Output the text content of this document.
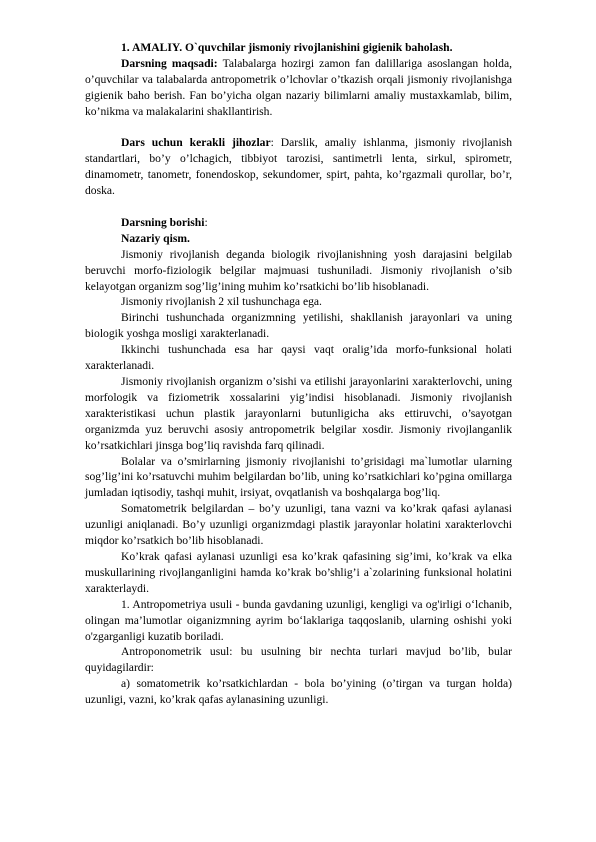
1. AMALIY. O`quvchilar jismoniy rivojlanishini gigienik baholash.

Darsning maqsadi: Talabalarga hozirgi zamon fan dalillariga asoslangan holda, o’quvchilar va talabalarda antropometrik o’lchovlar o’tkazish orqali jismoniy rivojlanishga gigienik baho berish. Fan bo’yicha olgan nazariy bilimlarni amaliy mustaxkamlab, bilim, ko’nikma va malakalarini shakllantirish.

Dars uchun kerakli jihozlar: Darslik, amaliy ishlanma, jismoniy rivojlanish standartlari, bo’y o’lchagich, tibbiyot tarozisi, santimetrli lenta, sirkul, spirometr, dinamometr, tanometr, fonendoskop, sekundomer, spirt, pahta, ko’rgazmali qurollar, bo’r, doska.

Darsning borishi:

Nazariy qism.

Jismoniy rivojlanish deganda biologik rivojlanishning yosh darajasini belgilab beruvchi morfo-fiziologik belgilar majmuasi tushuniladi. Jismoniy rivojlanish o’sib kelayotgan organizm sog’lig’ining muhim ko’rsatkichi bo’lib hisoblanadi.

Jismoniy rivojlanish 2 xil tushunchaga ega.

Birinchi tushunchada organizmning yetilishi, shakllanish jarayonlari va uning biologik yoshga mosligi xarakterlanadi.

Ikkinchi tushunchada esa har qaysi vaqt oralig’ida morfo-funksional holati xarakterlanadi.

Jismoniy rivojlanish organizm o’sishi va etilishi jarayonlarini xarakterlovchi, uning morfologik va fiziometrik xossalarini yig’indisi hisoblanadi. Jismoniy rivojlanish xarakteristikasi uchun plastik jarayonlarni butunligicha aks ettiruvchi, o’sayotgan organizmda yuz beruvchi asosiy antropometrik belgilar xosdir. Jismoniy rivojlanganlik ko’rsatkichlari jinsga bog’liq ravishda farq qilinadi.

Bolalar va o’smirlarning jismoniy rivojlanishi to’grisidagi ma`lumotlar ularning sog’lig’ini ko’rsatuvchi muhim belgilardan bo’lib, uning ko’rsatkichlari ko’pgina omillarga jumladan iqtisodiy, tashqi muhit, irsiyat, ovqatlanish va boshqalarga bog’liq.

Somatometrik belgilardan – bo’y uzunligi, tana vazni va ko’krak qafasi aylanasi uzunligi aniqlanadi. Bo’y uzunligi organizmdagi plastik jarayonlar holatini xarakterlovchi miqdor ko’rsatkich bo’lib hisoblanadi.

Ko’krak qafasi aylanasi uzunligi esa ko’krak qafasining sig’imi, ko’krak va elka muskullarining rivojlanganligini hamda ko’krak bo’shlig’i a`zolarining funksional holatini xarakterlaydi.

1. Antropometriya usuli - bunda gavdaning uzunligi, kengligi va og'irligi o‘lchanib, olingan ma’lumotlar oiganizmning ayrim bo‘laklariga taqqoslanib, ularning oshishi yoki o'zgarganligi kuzatib boriladi.

Antroponometrik usul: bu usulning bir nechta turlari mavjud bo’lib, bular quyidagilardir:

a) somatometrik ko’rsatkichlardan - bola bo’yining (o’tirgan va turgan holda) uzunligi, vazni, ko’krak qafas aylanasining uzunligi.
